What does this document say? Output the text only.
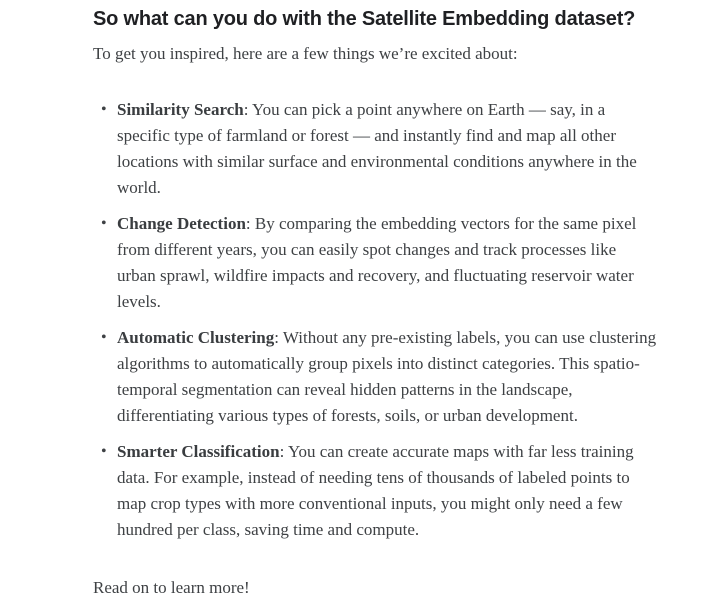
So what can you do with the Satellite Embedding dataset?

To get you inspired, here are a few things we’re excited about:

• Similarity Search: You can pick a point anywhere on Earth — say, in a specific type of farmland or forest — and instantly find and map all other locations with similar surface and environmental conditions anywhere in the world.
• Change Detection: By comparing the embedding vectors for the same pixel from different years, you can easily spot changes and track processes like urban sprawl, wildfire impacts and recovery, and fluctuating reservoir water levels.
• Automatic Clustering: Without any pre-existing labels, you can use clustering algorithms to automatically group pixels into distinct categories. This spatio-temporal segmentation can reveal hidden patterns in the landscape, differentiating various types of forests, soils, or urban development.
• Smarter Classification: You can create accurate maps with far less training data. For example, instead of needing tens of thousands of labeled points to map crop types with more conventional inputs, you might only need a few hundred per class, saving time and compute.

Read on to learn more!
